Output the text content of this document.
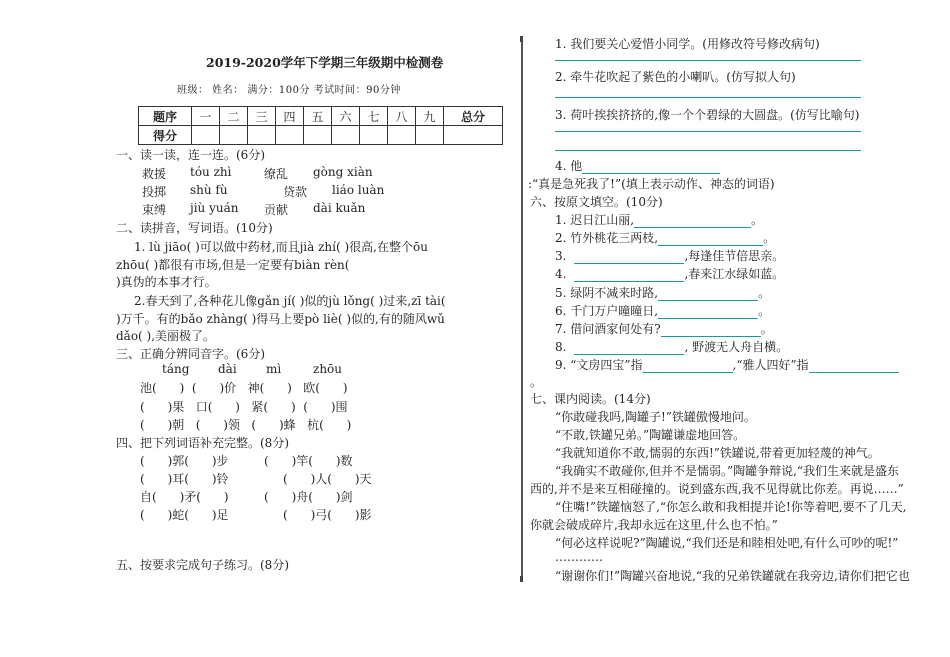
2019-2020学年下学期三年级期中检测卷
班级： 姓名： 满分：100分 考试时间：90分钟
题序	一	二	三	四	五	六	七	八	九	总分
得分										
一、读一读，连一连。(6分)
救援 tóu zhì	缭乱 gòng xiàn
投掷 shù fù	贷款 liáo luàn
束缚 jiù yuán 贡献 dài kuǎn
二、读拼音，写词语。(10分)
1. lù jiāo( )可以做中药材,而且jià zhí( )很高,在整个ōu
zhōu( )都很有市场,但是一定要有biàn rèn(
)真伪的本事才行。
2.春天到了,各种花儿像gǎn jí( )似的jù lǒng( )过来,zī tài(
)万千。有的bǎo zhàng( )得马上要pò liè( )似的,有的随风wǔ
dǎo( ),美丽极了。
三、正确分辨同音字。(6分)
táng dài mì	zhōu
池(      )  (      )价   神(      )   欧(      )
(      )果   口(      )   紧(      )  (      )围
(      )朝   (      )领   (      )蜂   杭(      )
四、把下列词语补充完整。(8分)
(      )郭(      )步	(      )竿(      )数
(      )耳(      )铃	(      )人(      )天
自(      )矛(      )	(      )舟(      )剑
(      )蛇(      )足	(      )弓(      )影
五、按要求完成句子练习。(8分)
1. 我们要关心爱惜小同学。(用修改符号修改病句)
2. 牵牛花吹起了紫色的小喇叭。(仿写拟人句)
3. 荷叶挨挨挤挤的,像一个个碧绿的大圆盘。(仿写比喻句)
4. 他
:“真是急死我了!”(填上表示动作、神态的词语)
六、按原文填空。(10分)
1. 迟日江山丽,	。
2. 竹外桃花三两枝,	。
3.	,每逢佳节倍思亲。
4.	,春来江水绿如蓝。
5. 绿阴不减来时路,	。
6. 千门万户曈曈日,	。
7. 借问酒家何处有?	。
8.	, 野渡无人舟自横。
9. “文房四宝”指	,“雅人四好”指
。
七、课内阅读。(14分)
“你敢碰我吗,陶罐子!”铁罐傲慢地问。
“不敢,铁罐兄弟。”陶罐谦虚地回答。
“我就知道你不敢,懦弱的东西!”铁罐说,带着更加轻蔑的神气。
“我确实不敢碰你,但并不是懦弱。”陶罐争辩说,“我们生来就是盛东
西的,并不是来互相碰撞的。说到盛东西,我不见得就比你差。再说……”
“住嘴!”铁罐恼怒了,“你怎么敢和我相提并论!你等着吧,要不了几天,
你就会破成碎片,我却永远在这里,什么也不怕。”
“何必这样说呢?”陶罐说,“我们还是和睦相处吧,有什么可吵的呢!”
…………
“谢谢你们!”陶罐兴奋地说,“我的兄弟铁罐就在我旁边,请你们把它也
